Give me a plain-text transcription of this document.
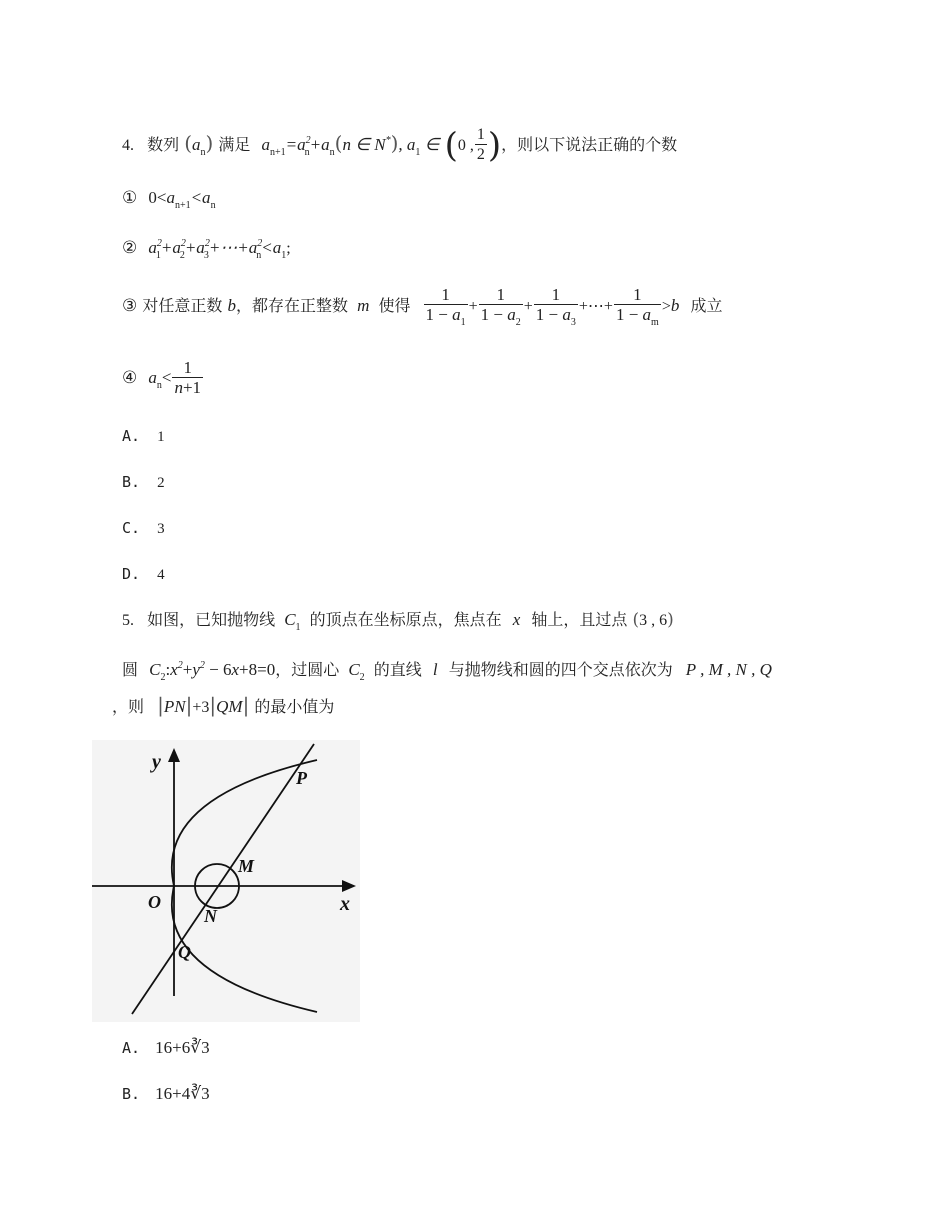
4. 数列 $(a_n)$ 满足 $a_{n+1}=a^2_n+a_n(n$ ∈ N*), $a_1$ ∈ (0 , $\frac{1}{2}$ )，则以下说法正确的个数
① $0<a_{n+1}<a_n$
② $a^2_1+a^2_2+a^2_3+\cdots+a^2_n<a_1$;
③ 对任意正数 b，都存在正整数 m 使得 $\frac{1}{1 - a_1} + \frac{1}{1 - a_2} + \frac{1}{1 - a_3}$ +⋯+ $\frac{1}{1 - a_m} >b$ 成立
④ $a_n< \frac{1}{n+1}$
A. 1
B. 2
C. 3
D. 4
5. 如图，已知抛物线 $C_1$ 的顶点在坐标原点，焦点在 x 轴上，且过点 (3 , 6)
圆 $C_2:x^2+y^2 - 6x+8=0$，过圆心 $C_2$ 的直线 l 与抛物线和圆的四个交点依次为 P , M , N , Q
，则 |PN|+3|QM| 的最小值为
y
x
O
P
M
N
Q
A. 16+6∛3
B. 16+4∛3
